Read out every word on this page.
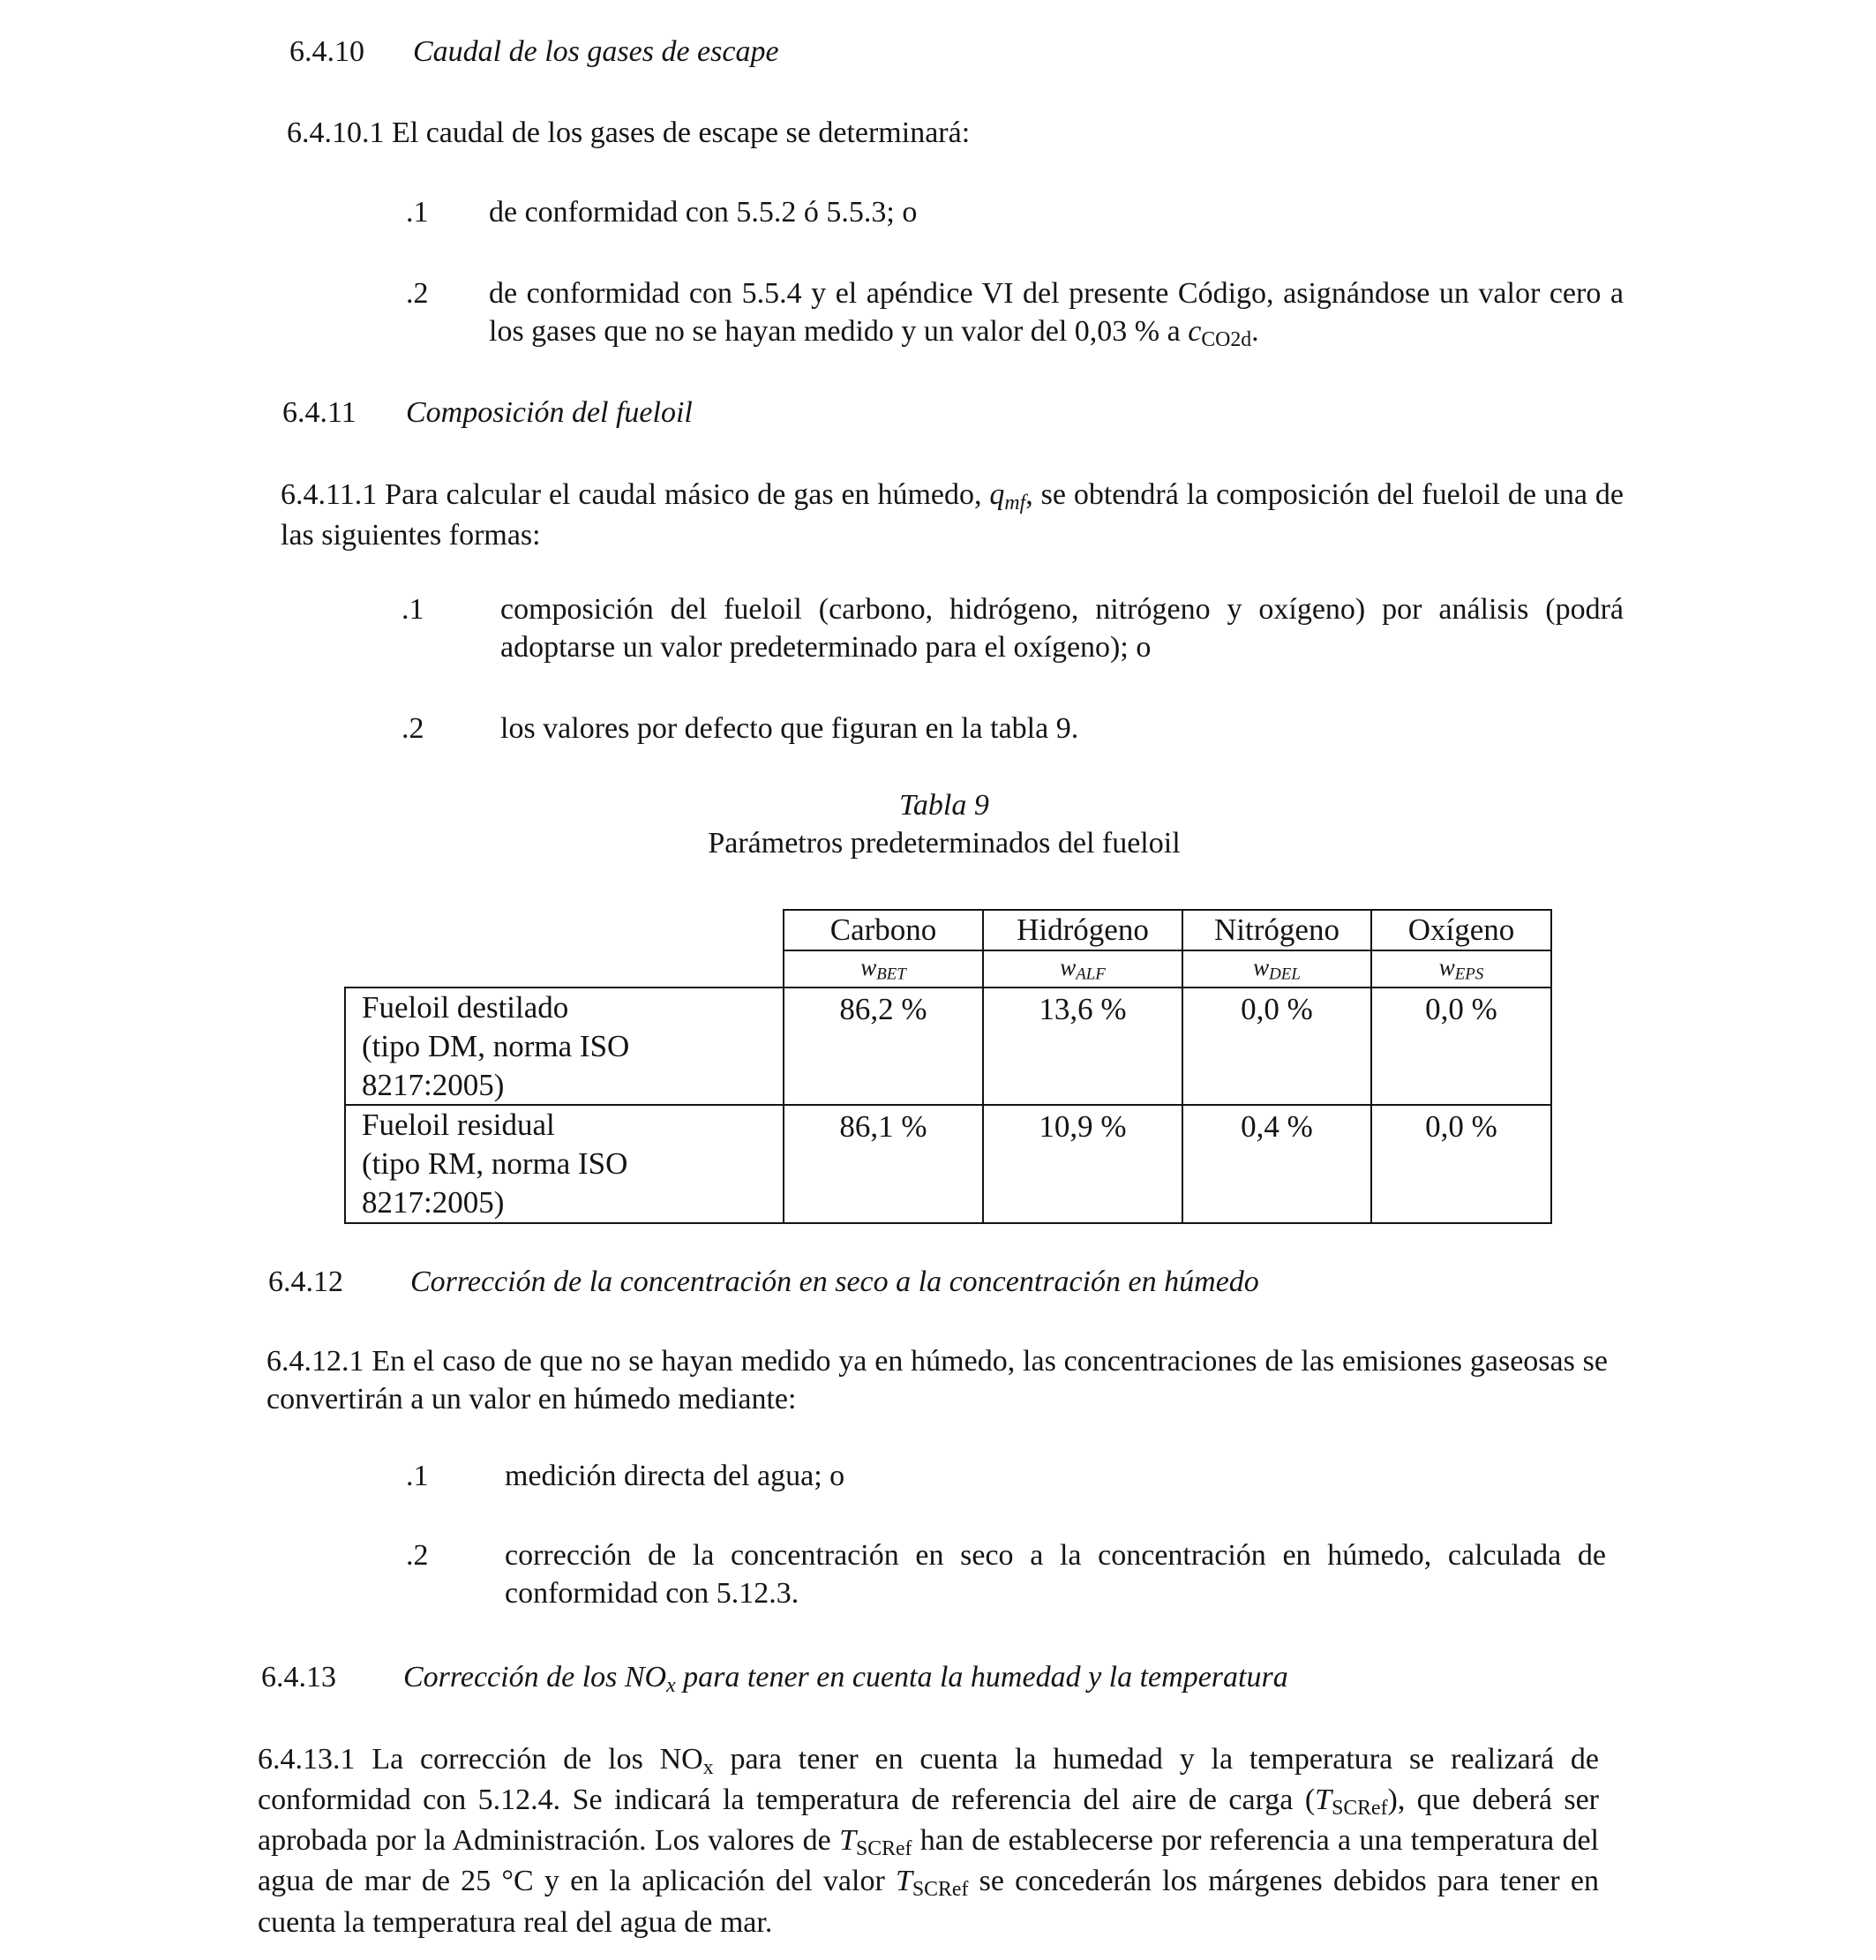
6.4.10 Caudal de los gases de escape
6.4.10.1 El caudal de los gases de escape se determinará:
.1 de conformidad con 5.5.2 ó 5.5.3; o
.2 de conformidad con 5.5.4 y el apéndice VI del presente Código, asignándose un valor cero a los gases que no se hayan medido y un valor del 0,03 % a $c_{CO2d}$.
6.4.11 Composición del fueloil
6.4.11.1 Para calcular el caudal másico de gas en húmedo, $q_{mf}$, se obtendrá la composición del fueloil de una de las siguientes formas:
.1	composición del fueloil (carbono, hidrógeno, nitrógeno y oxígeno) por análisis (podrá adoptarse un valor predeterminado para el oxígeno); o
.2	los valores por defecto que figuran en la tabla 9.
Tabla 9
Parámetros predeterminados del fueloil
	Carbono	Hidrógeno	Nitrógeno	Oxígeno
	$w_{BET}$	$w_{ALF}$	$w_{DEL}$	$w_{EPS}$
Fueloil destilado
(tipo DM, norma ISO
8217:2005)	86,2 %	13,6 %	0,0 %	0,0 %
Fueloil residual
(tipo RM, norma ISO
8217:2005)	86,1 %	10,9 %	0,4 %	0,0 %
6.4.12 Corrección de la concentración en seco a la concentración en húmedo
6.4.12.1 En el caso de que no se hayan medido ya en húmedo, las concentraciones de las emisiones gaseosas se convertirán a un valor en húmedo mediante:
.1	medición directa del agua; o
.2	corrección de la concentración en seco a la concentración en húmedo, calculada de conformidad con 5.12.3.
6.4.13 Corrección de los $NO_x$ para tener en cuenta la humedad y la temperatura
6.4.13.1 La corrección de los $NO_x$ para tener en cuenta la humedad y la temperatura se realizará de conformidad con 5.12.4. Se indicará la temperatura de referencia del aire de carga $(T_{SCRef})$, que deberá ser aprobada por la Administración. Los valores de $T_{SCRef}$ han de establecerse por referencia a una temperatura del agua de mar de 25 °C y en la aplicación del valor $T_{SCRef}$ se concederán los márgenes debidos para tener en cuenta la temperatura real del agua de mar.
